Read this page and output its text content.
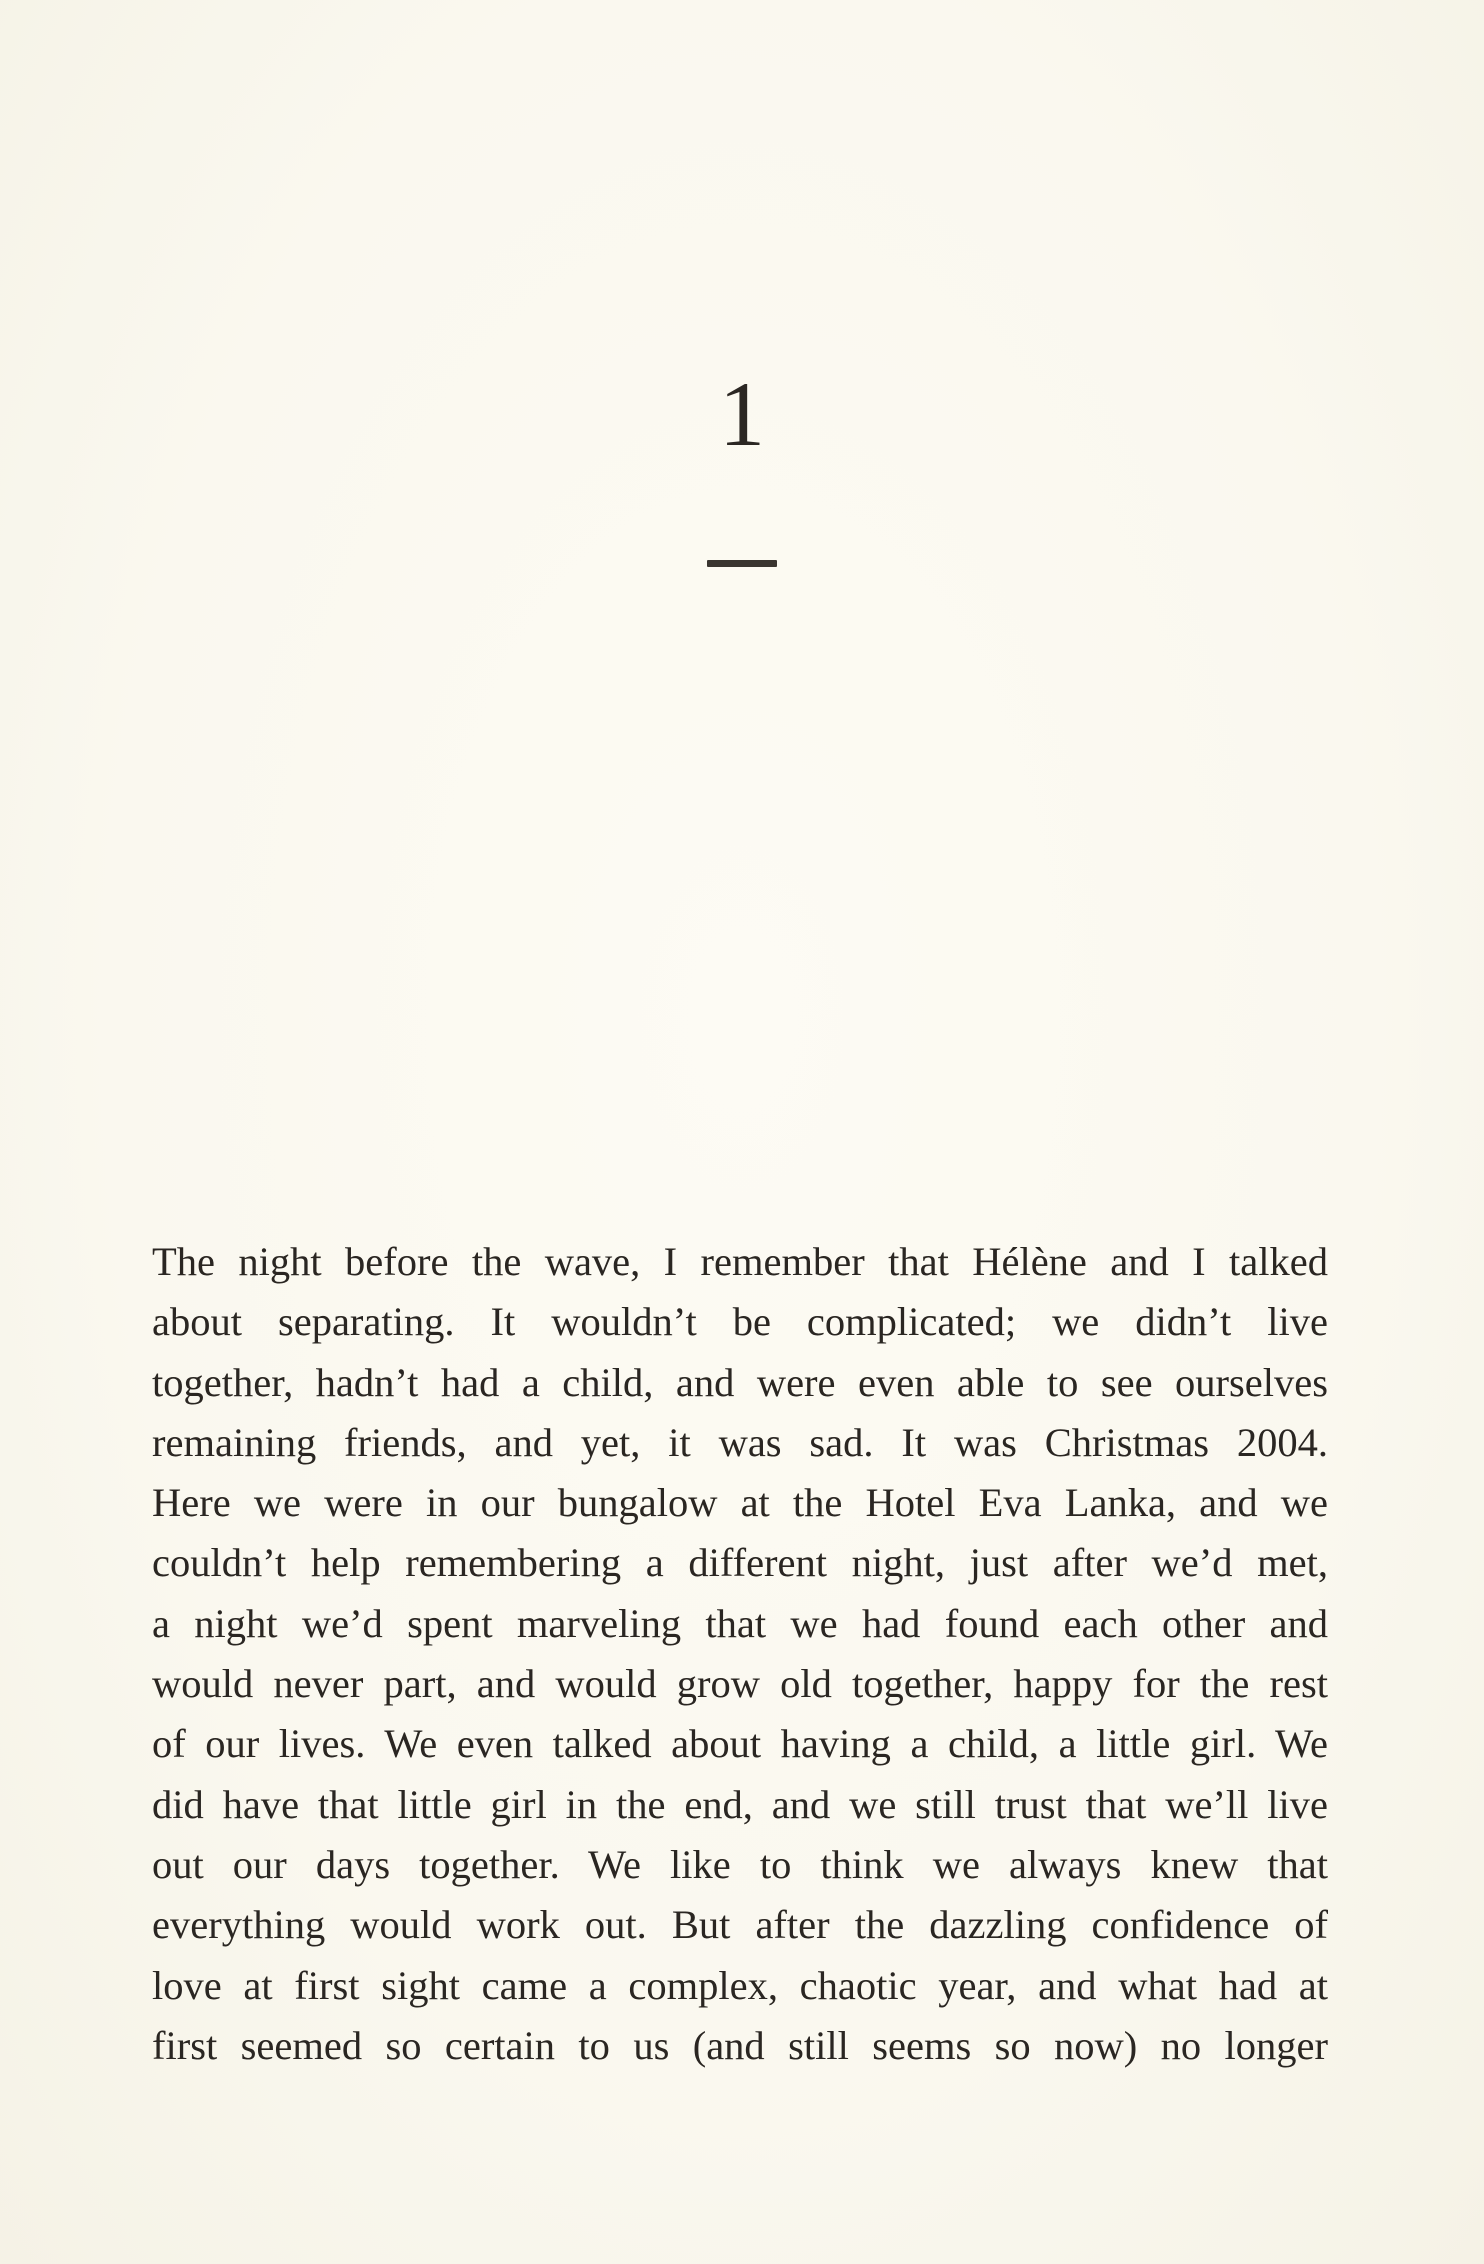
1
The night before the wave, I remember that Hélène and I talked
about separating. It wouldn’t be complicated; we didn’t live
together, hadn’t had a child, and were even able to see ourselves
remaining friends, and yet, it was sad. It was Christmas 2004.
Here we were in our bungalow at the Hotel Eva Lanka, and we
couldn’t help remembering a different night, just after we’d met,
a night we’d spent marveling that we had found each other and
would never part, and would grow old together, happy for the rest
of our lives. We even talked about having a child, a little girl. We
did have that little girl in the end, and we still trust that we’ll live
out our days together. We like to think we always knew that
everything would work out. But after the dazzling confidence of
love at first sight came a complex, chaotic year, and what had at
first seemed so certain to us (and still seems so now) no longer
